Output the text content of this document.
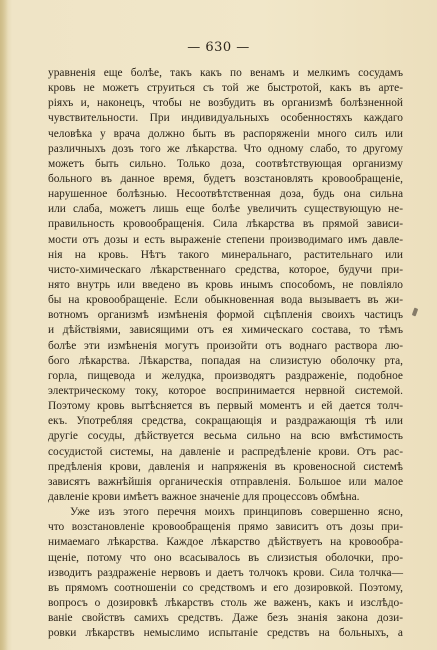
— 630 —
уравненія еще болѣе, такъ какъ по венамъ и мелкимъ сосудамъ
кровь не можетъ струиться съ той же быстротой, какъ въ арте-
ріяхъ и, наконецъ, чтобы не возбудить въ организмѣ болѣзненной
чувствительности. При индивидуальныхъ особенностяхъ каждаго
человѣка у врача должно быть въ распоряженіи много силъ или
различныхъ дозъ того же лѣкарства. Что одному слабо, то другому
можетъ быть сильно. Только доза, соотвѣтствующая организму
больного въ данное время, будетъ возстановлять кровообращеніе,
нарушенное болѣзнью. Несоотвѣтственная доза, будь она сильна
или слаба, можетъ лишь еще болѣе увеличить существующую не-
правильность кровообращенія. Сила лѣкарства въ прямой зависи-
мости отъ дозы и есть выраженіе степени производимаго имъ давле-
нія на кровь. Нѣтъ такого минеральнаго, растительнаго или
чисто-химическаго лѣкарственнаго средства, которое, будучи при-
нято внутрь или введено въ кровь инымъ способомъ, не повліяло
бы на кровообращеніе. Если обыкновенная вода вызываетъ въ жи-
вотномъ организмѣ измѣненія формой сцѣпленія своихъ частицъ
и дѣйствіями, зависящими отъ ея химическаго состава, то тѣмъ
болѣе эти измѣненія могутъ произойти отъ воднаго раствора лю-
бого лѣкарства. Лѣкарства, попадая на слизистую оболочку рта,
горла, пищевода и желудка, производятъ раздраженіе, подобное
электрическому току, которое воспринимается нервной системой.
Поэтому кровь вытѣсняется въ первый моментъ и ей дается толч-
екъ. Употребляя средства, сокращающія и раздражающія тѣ или
другіе сосуды, дѣйствуется весьма сильно на всю вмѣстимость
сосудистой системы, на давленіе и распредѣленіе крови. Отъ рас-
предѣленія крови, давленія и напряженія въ кровеносной системѣ
зависятъ важнѣйшія органическія отправленія. Большое или малое
давленіе крови имѣетъ важное значеніе для процессовъ обмѣна.
Уже изъ этого перечня моихъ принциповъ совершенно ясно,
что возстановленіе кровообращенія прямо зависитъ отъ дозы при-
нимаемаго лѣкарства. Каждое лѣкарство дѣйствуетъ на кровообра-
щеніе, потому что оно всасывалось въ слизистыя оболочки, про-
изводитъ раздраженіе нервовъ и даетъ толчокъ крови. Сила толчка—
въ прямомъ соотношеніи со средствомъ и его дозировкой. Поэтому,
вопросъ о дозировкѣ лѣкарствъ столь же важенъ, какъ и изслѣдо-
ваніе свойствъ самихъ средствъ. Даже безъ знанія закона дози-
ровки лѣкарствъ немыслимо испытаніе средствъ на больныхъ, а
